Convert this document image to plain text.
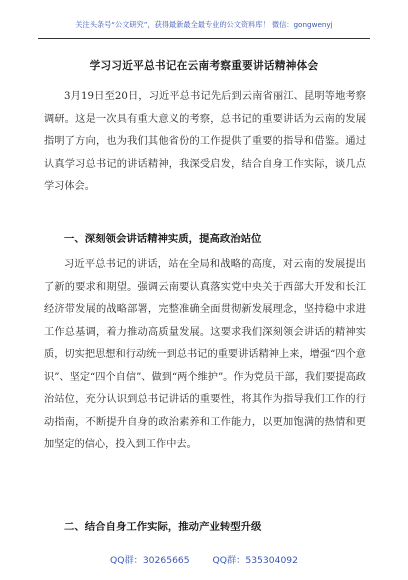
关注头条号“公文研究”，获得最新最全最专业的公文资料库！ 微信：gongwenyj
学习习近平总书记在云南考察重要讲话精神体会

3月19日至20日，习近平总书记先后到云南省丽江、昆明等地考察调研。这是一次具有重大意义的考察，总书记的重要讲话为云南的发展指明了方向，也为我们其他省份的工作提供了重要的指导和借鉴。通过认真学习总书记的讲话精神，我深受启发，结合自身工作实际，谈几点学习体会。

一、深刻领会讲话精神实质，提高政治站位

习近平总书记的讲话，站在全局和战略的高度，对云南的发展提出了新的要求和期望。强调云南要认真落实党中央关于西部大开发和长江经济带发展的战略部署，完整准确全面贯彻新发展理念，坚持稳中求进工作总基调，着力推动高质量发展。这要求我们深刻领会讲话的精神实质，切实把思想和行动统一到总书记的重要讲话精神上来，增强“四个意识”、坚定“四个自信”、做到“两个维护”。作为党员干部，我们要提高政治站位，充分认识到总书记讲话的重要性，将其作为指导我们工作的行动指南，不断提升自身的政治素养和工作能力，以更加饱满的热情和更加坚定的信心，投入到工作中去。

二、结合自身工作实际，推动产业转型升级
QQ群：30265665 QQ群：535304092
